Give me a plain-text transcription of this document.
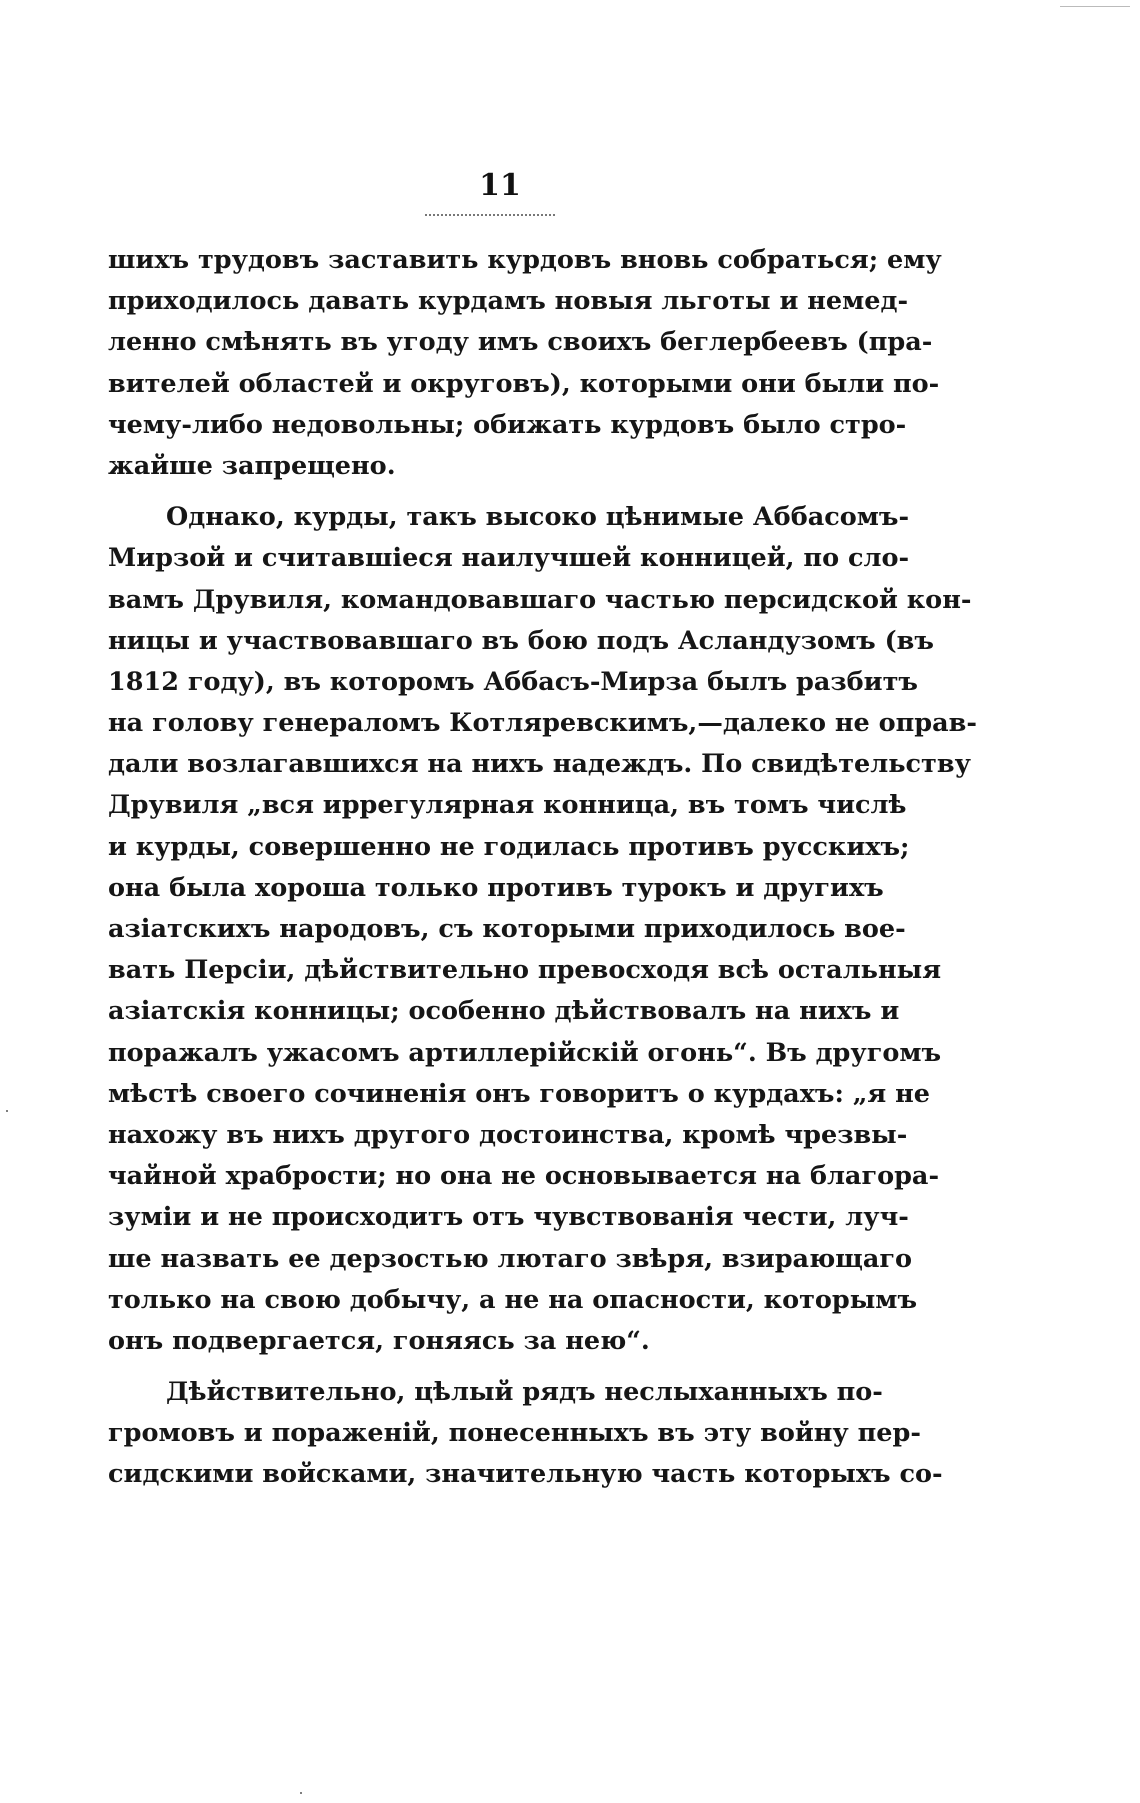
11
шихъ трудовъ заставить курдовъ вновь собраться; ему
приходилось давать курдамъ новыя льготы и немед-
ленно смѣнять въ угоду имъ своихъ беглербеевъ (пра-
вителей областей и округовъ), которыми они были по-
чему-либо недовольны; обижать курдовъ было стро-
жайше запрещено.
Однако, курды, такъ высоко цѣнимые Аббасомъ-
Мирзой и считавшіеся наилучшей конницей, по сло-
вамъ Друвиля, командовавшаго частью персидской кон-
ницы и участвовавшаго въ бою подъ Асландузомъ (въ
1812 году), въ которомъ Аббасъ-Мирза былъ разбитъ
на голову генераломъ Котляревскимъ,—далеко не оправ-
дали возлагавшихся на нихъ надеждъ. По свидѣтельству
Друвиля „вся иррегулярная конница, въ томъ числѣ
и курды, совершенно не годилась противъ русскихъ;
она была хороша только противъ турокъ и другихъ
азіатскихъ народовъ, съ которыми приходилось вое-
вать Персіи, дѣйствительно превосходя всѣ остальныя
азіатскія конницы; особенно дѣйствовалъ на нихъ и
поражалъ ужасомъ артиллерійскій огонь“. Въ другомъ
мѣстѣ своего сочиненія онъ говоритъ о курдахъ: „я не
нахожу въ нихъ другого достоинства, кромѣ чрезвы-
чайной храбрости; но она не основывается на благора-
зуміи и не происходитъ отъ чувствованія чести, луч-
ше назвать ее дерзостью лютаго звѣря, взирающаго
только на свою добычу, а не на опасности, которымъ
онъ подвергается, гоняясь за нею“.
Дѣйствительно, цѣлый рядъ неслыханныхъ по-
громовъ и пораженій, понесенныхъ въ эту войну пер-
сидскими войсками, значительную часть которыхъ со-
